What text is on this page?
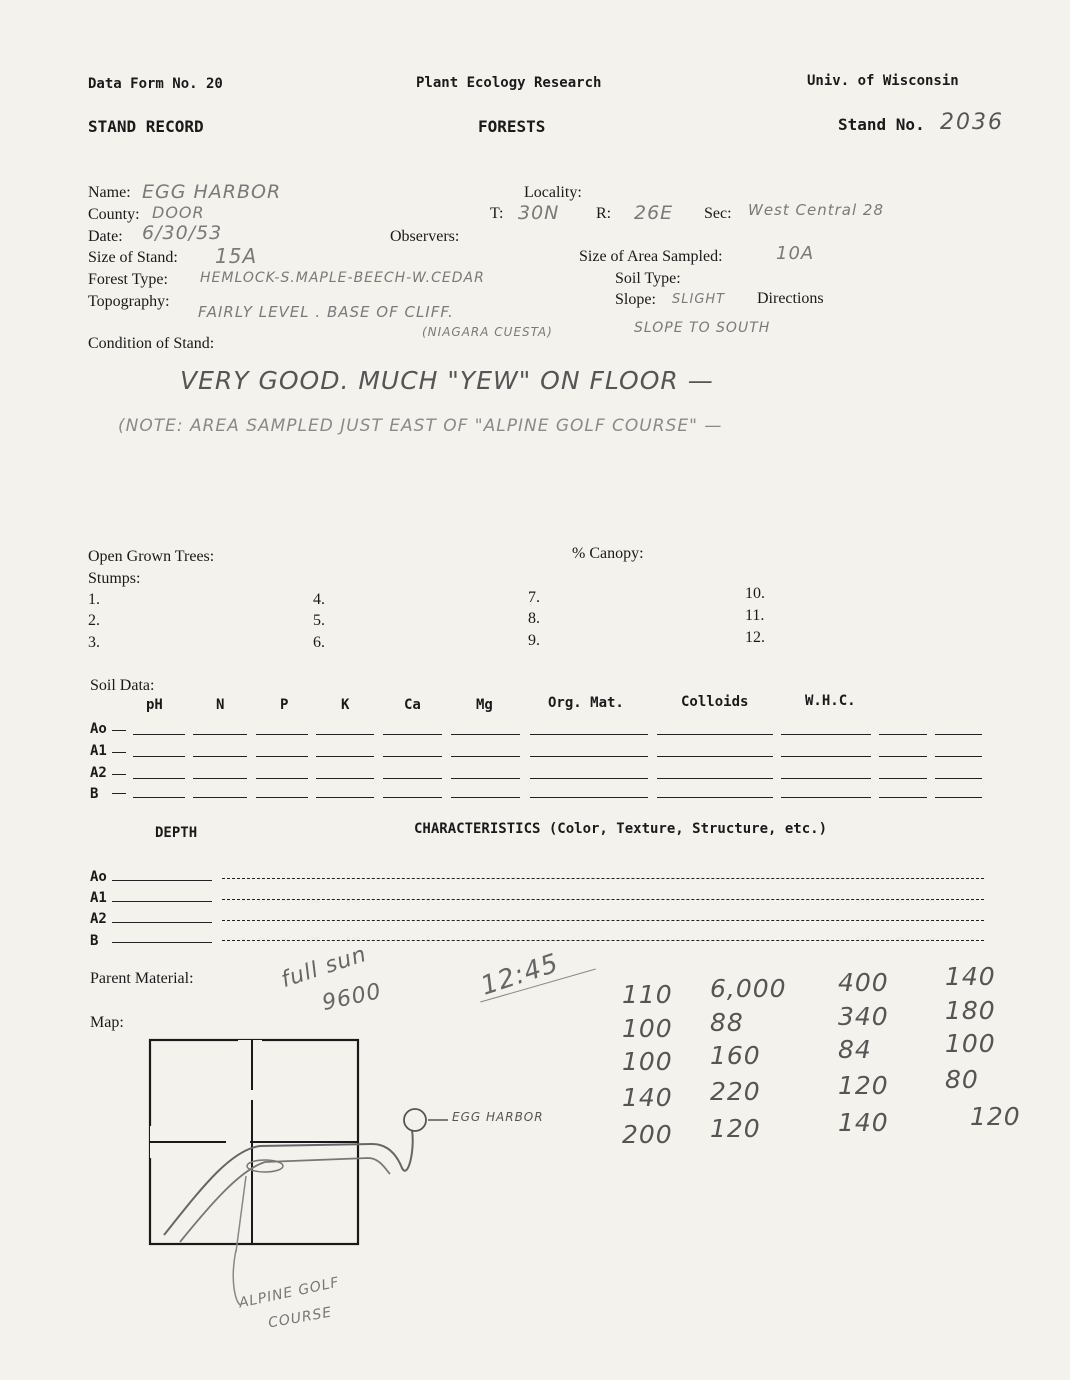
Data Form No. 20	Plant Ecology Research	Univ. of Wisconsin
STAND RECORD	FORESTS	Stand No. 2036
Name: EGG HARBOR
County: DOOR
Date: 6/30/53
Size of Stand: 15A
Forest Type: HEMLOCK-S.MAPLE-BEECH-W.CEDAR
Topography:
FAIRLY LEVEL . BASE OF CLIFF.
(NIAGARA CUESTA)
Condition of Stand:
Locality:
T: 30N R: 26E Sec: West Central 28
Observers:
Size of Area Sampled:	10A
Soil Type:
Slope: SLIGHT Directions
SLOPE TO SOUTH
VERY GOOD. MUCH "YEW" ON FLOOR —
(NOTE: AREA SAMPLED JUST EAST OF "ALPINE GOLF COURSE" —
Open Grown Trees:	% Canopy:
Stumps:
1.
2.
3.
4.
5.
6.
7.
8.
9.
10.
11.
12.
Soil Data:
pH	N	P	K	Ca	Mg	Org. Mat.	Colloids	W.H.C.
Ao
A1
A2
B
DEPTH	CHARACTERISTICS (Color, Texture, Structure, etc.)
Ao
A1
A2
B
Parent Material:	full sun
9600	12:45
Map:
EGG HARBOR
ALPINE GOLF
COURSE
110 6,000 400 140
100 88	340 180
100 160	84	100
140 220	120 80
200 120	140	120
